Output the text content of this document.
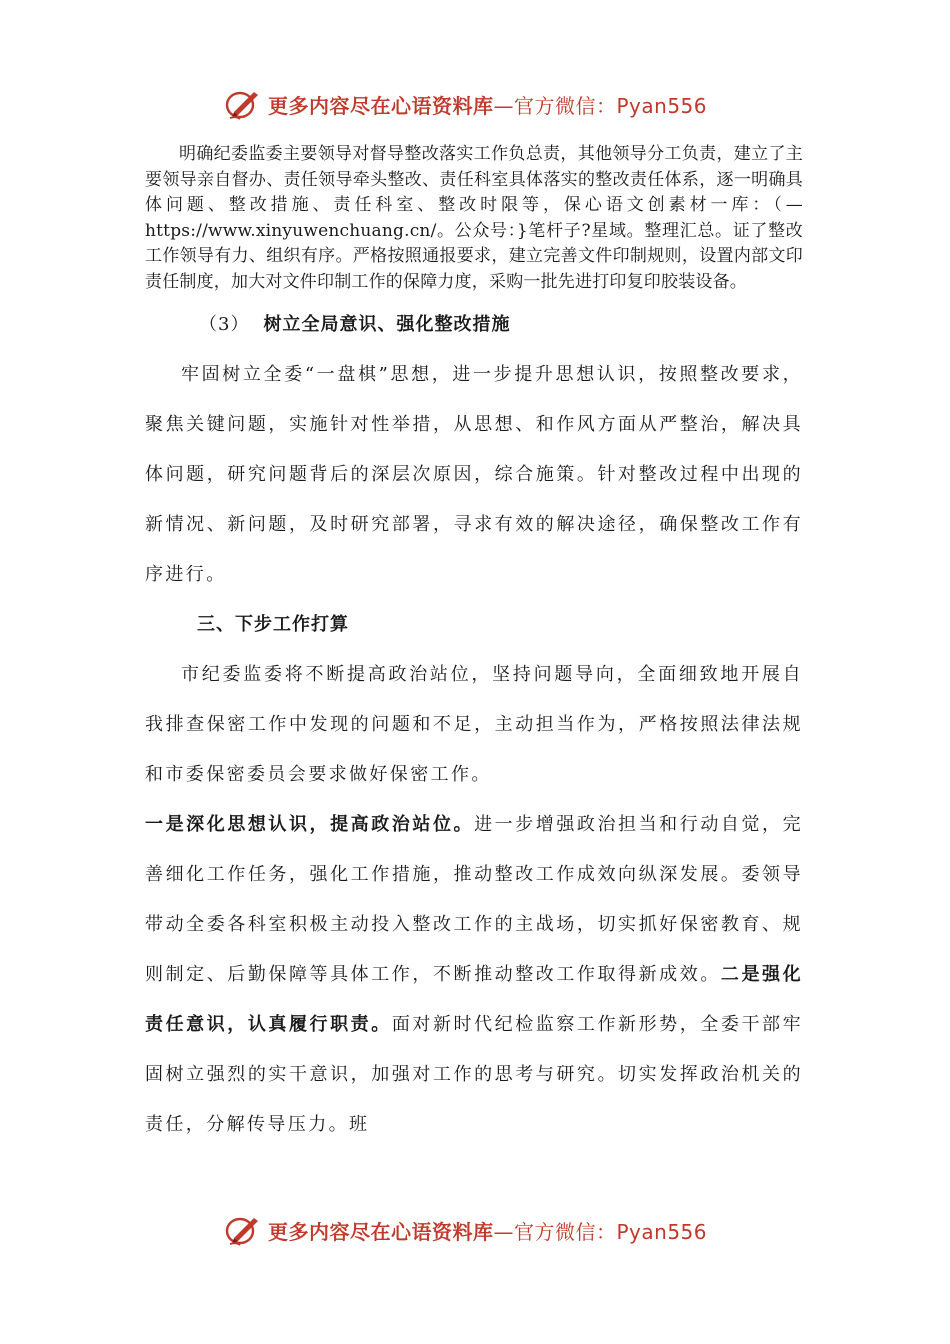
更多内容尽在心语资料库—官方微信：Pyan556

明确纪委监委主要领导对督导整改落实工作负总责，其他领导分工负责，建立了主要领导亲自督办、责任领导牵头整改、责任科室具体落实的整改责任体系，逐一明确具体问题、整改措施、责任科室、整改时限等，保心语文创素材一库：（—https://www.xinyuwenchuang.cn/。公众号：}笔杆子?星域。整理汇总。证了整改工作领导有力、组织有序。严格按照通报要求，建立完善文件印制规则，设置内部文印责任制度，加大对文件印制工作的保障力度，采购一批先进打印复印胶装设备。

（3） 树立全局意识、强化整改措施

牢固树立全委“一盘棋”思想，进一步提升思想认识，按照整改要求，聚焦关键问题，实施针对性举措，从思想、和作风方面从严整治，解决具体问题，研究问题背后的深层次原因，综合施策。针对整改过程中出现的新情况、新问题，及时研究部署，寻求有效的解决途径，确保整改工作有序进行。

三、下步工作打算

市纪委监委将不断提高政治站位，坚持问题导向，全面细致地开展自我排查保密工作中发现的问题和不足，主动担当作为，严格按照法律法规和市委保密委员会要求做好保密工作。

一是深化思想认识，提高政治站位。进一步增强政治担当和行动自觉，完善细化工作任务，强化工作措施，推动整改工作成效向纵深发展。委领导带动全委各科室积极主动投入整改工作的主战场，切实抓好保密教育、规则制定、后勤保障等具体工作，不断推动整改工作取得新成效。二是强化责任意识，认真履行职责。面对新时代纪检监察工作新形势，全委干部牢固树立强烈的实干意识，加强对工作的思考与研究。切实发挥政治机关的责任，分解传导压力。班

更多内容尽在心语资料库—官方微信：Pyan556
